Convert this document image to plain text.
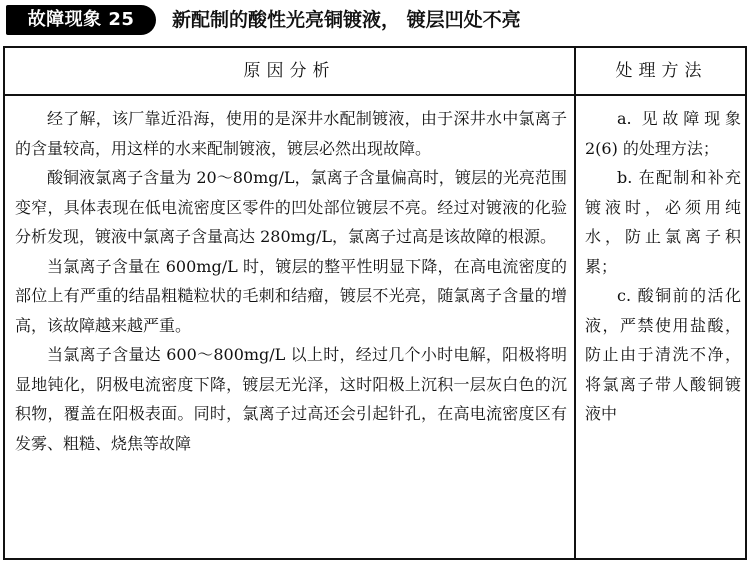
故障现象 25	新配制的酸性光亮铜镀液， 镀层凹处不亮
原因分析	处理方法

经了解，该厂靠近沿海，使用的是深井水配制镀液，由于深井水中氯离子的含量较高，用这样的水来配制镀液，镀层必然出现故障。

酸铜液氯离子含量为 20～80mg/L，氯离子含量偏高时，镀层的光亮范围变窄，具体表现在低电流密度区零件的凹处部位镀层不亮。经过对镀液的化验分析发现，镀液中氯离子含量高达 280mg/L，氯离子过高是该故障的根源。

当氯离子含量在 600mg/L 时，镀层的整平性明显下降，在高电流密度的部位上有严重的结晶粗糙粒状的毛刺和结瘤，镀层不光亮，随氯离子含量的增高，该故障越来越严重。

当氯离子含量达 600～800mg/L 以上时，经过几个小时电解，阳极将明显地钝化，阴极电流密度下降，镀层无光泽，这时阳极上沉积一层灰白色的沉积物，覆盖在阳极表面。同时，氯离子过高还会引起针孔，在高电流密度区有发雾、粗糙、烧焦等故障

a. 见故障现象 2(6) 的处理方法；

b. 在配制和补充镀液时，必须用纯水，防止氯离子积累；

c. 酸铜前的活化液，严禁使用盐酸，防止由于清洗不净，将氯离子带人酸铜镀液中
